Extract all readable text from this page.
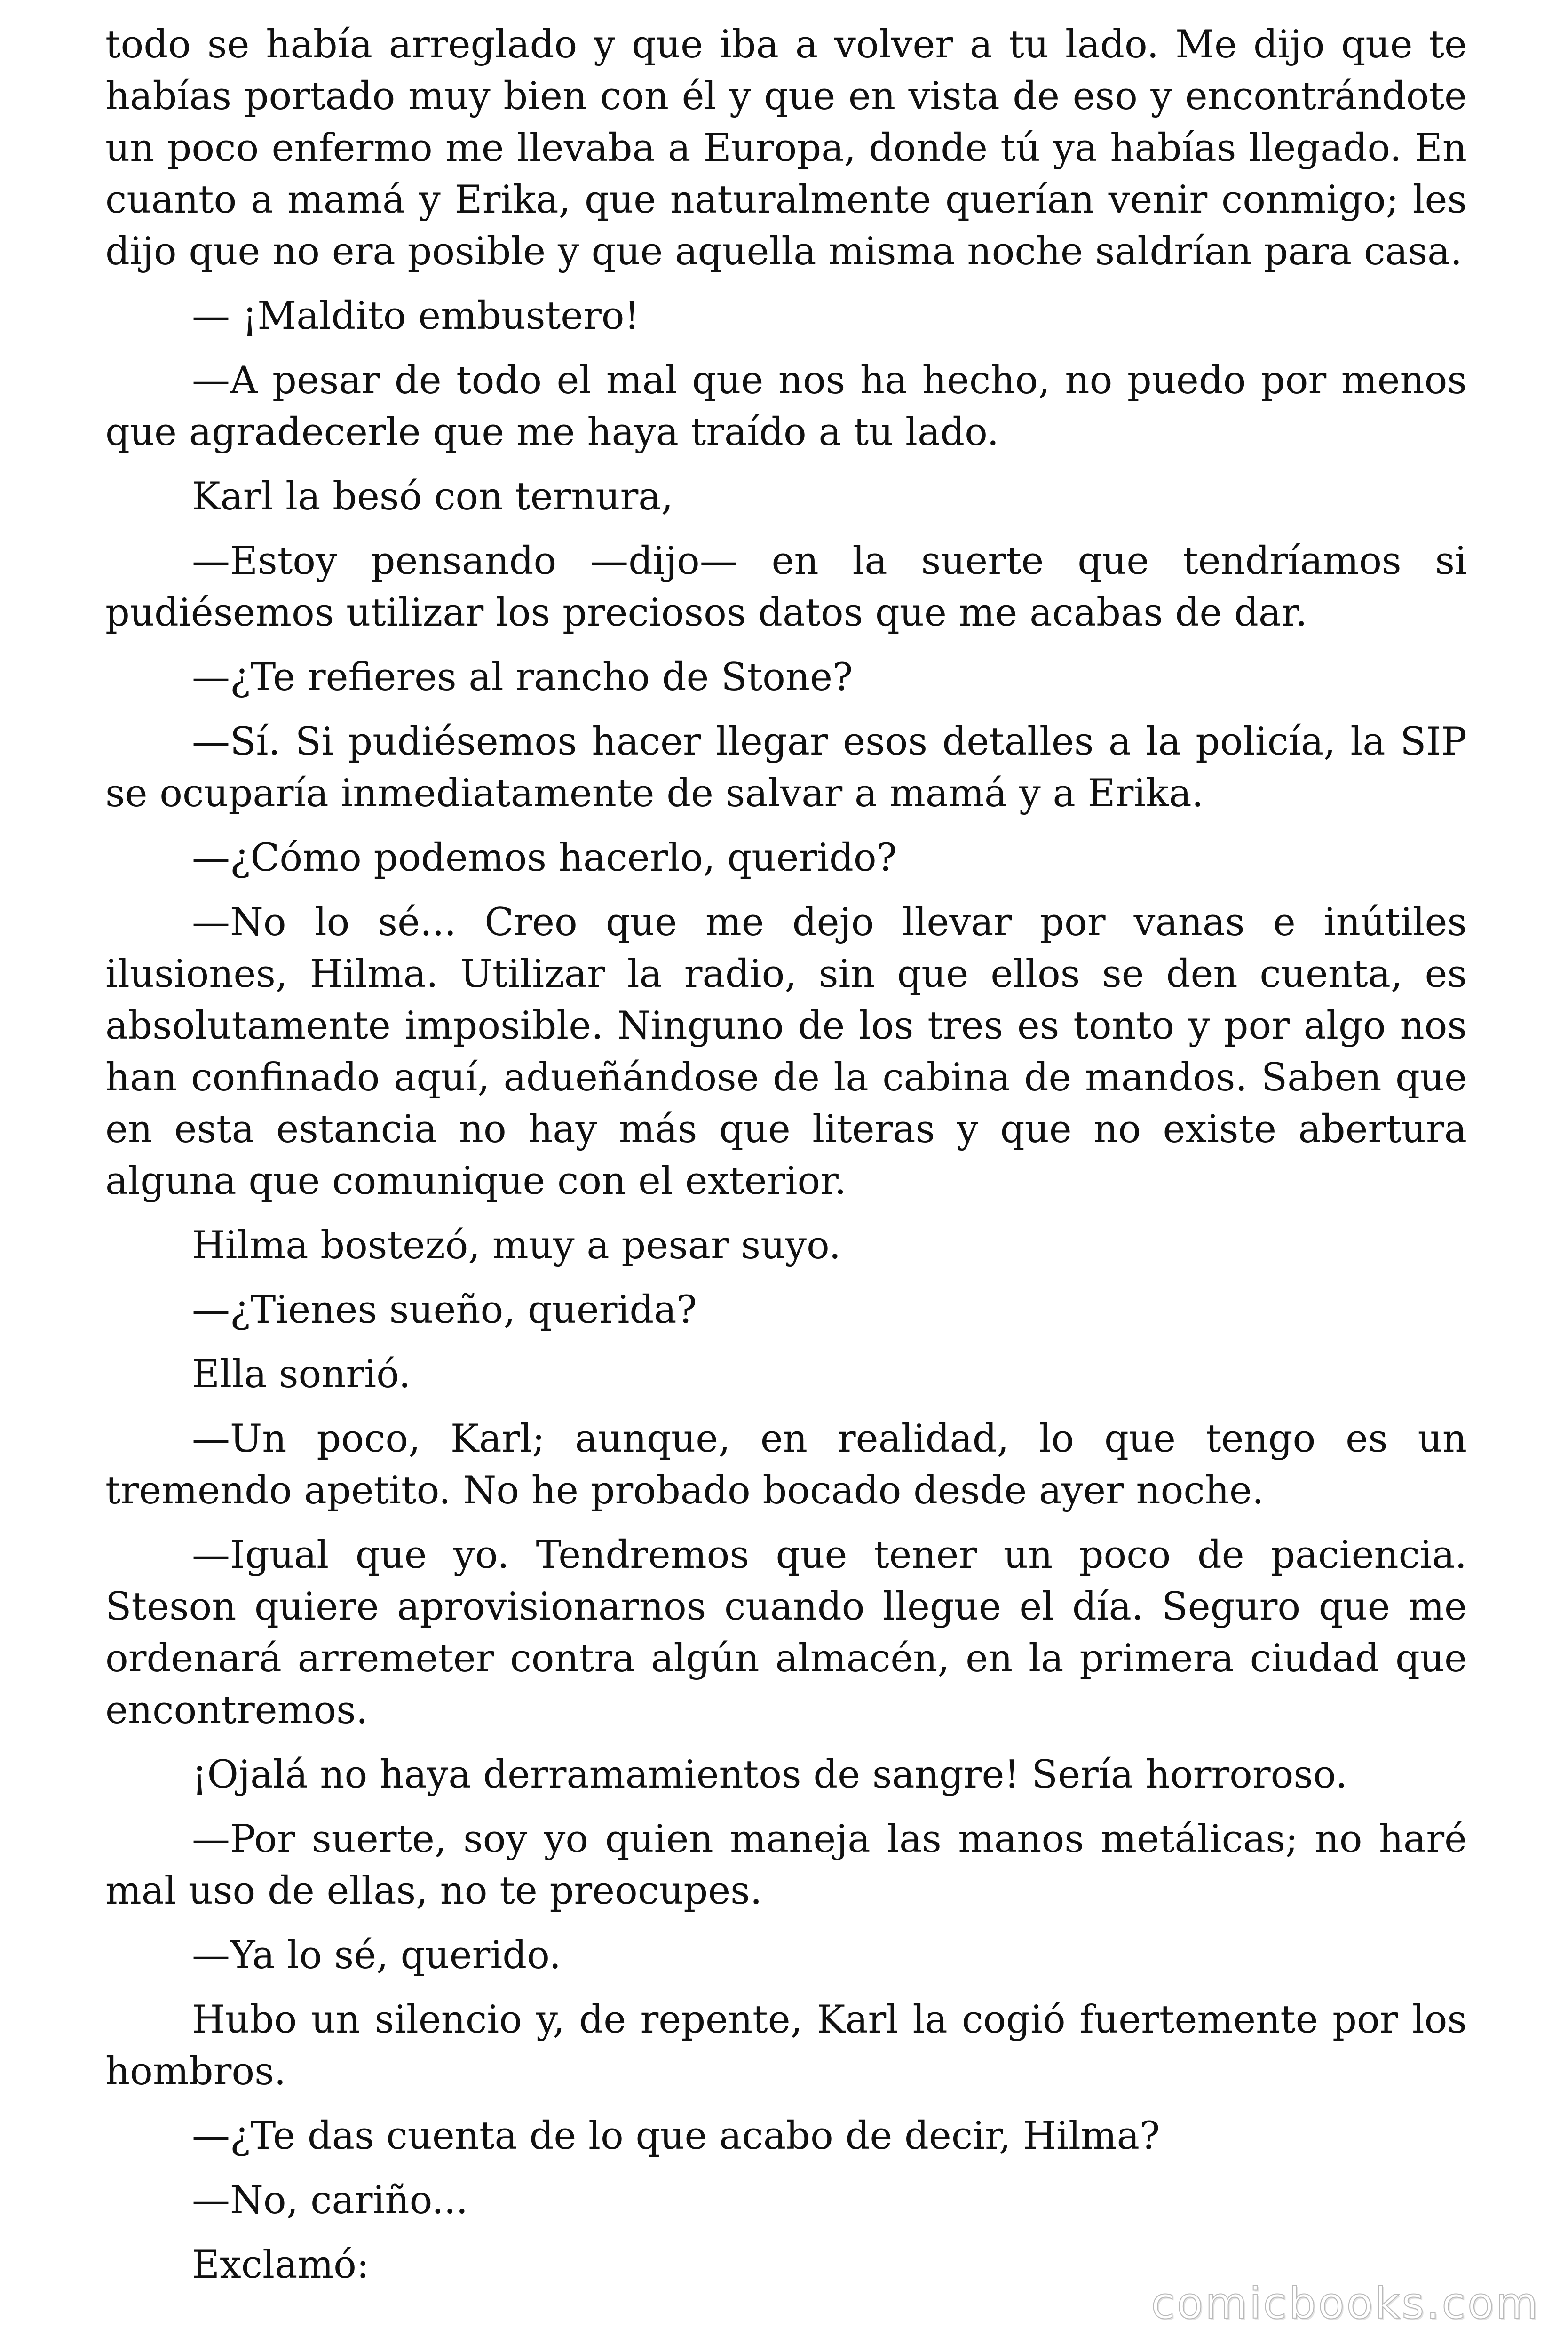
todo se había arreglado y que iba a volver a tu lado. Me dijo que te habías portado muy bien con él y que en vista de eso y encontrándote un poco enfermo me llevaba a Europa, donde tú ya habías llegado. En cuanto a mamá y Erika, que naturalmente querían venir conmigo; les dijo que no era posible y que aquella misma noche saldrían para casa.

— ¡Maldito embustero!

—A pesar de todo el mal que nos ha hecho, no puedo por menos que agradecerle que me haya traído a tu lado.

Karl la besó con ternura,

—Estoy pensando —dijo— en la suerte que tendríamos si pudiésemos utilizar los preciosos datos que me acabas de dar.

—¿Te refieres al rancho de Stone?

—Sí. Si pudiésemos hacer llegar esos detalles a la policía, la SIP se ocuparía inmediatamente de salvar a mamá y a Erika.

—¿Cómo podemos hacerlo, querido?

—No lo sé... Creo que me dejo llevar por vanas e inútiles ilusiones, Hilma. Utilizar la radio, sin que ellos se den cuenta, es absolutamente imposible. Ninguno de los tres es tonto y por algo nos han confinado aquí, adueñándose de la cabina de mandos. Saben que en esta estancia no hay más que literas y que no existe abertura alguna que comunique con el exterior.

Hilma bostezó, muy a pesar suyo.

—¿Tienes sueño, querida?

Ella sonrió.

—Un poco, Karl; aunque, en realidad, lo que tengo es un tremendo apetito. No he probado bocado desde ayer noche.

—Igual que yo. Tendremos que tener un poco de paciencia. Steson quiere aprovisionarnos cuando llegue el día. Seguro que me ordenará arremeter contra algún almacén, en la primera ciudad que encontremos.

¡Ojalá no haya derramamientos de sangre! Sería horroroso.

—Por suerte, soy yo quien maneja las manos metálicas; no haré mal uso de ellas, no te preocupes.

—Ya lo sé, querido.

Hubo un silencio y, de repente, Karl la cogió fuertemente por los hombros.

—¿Te das cuenta de lo que acabo de decir, Hilma?

—No, cariño...

Exclamó:

comicbooks.com
